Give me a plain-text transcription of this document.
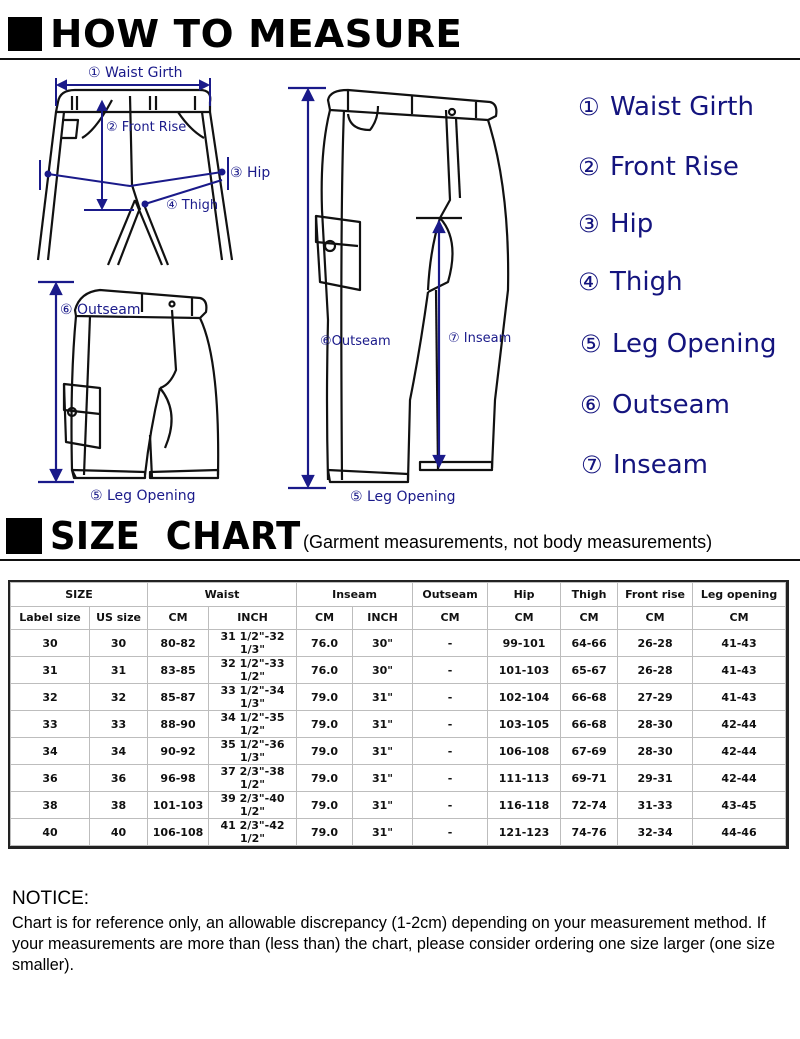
HOW TO MEASURE
① Waist Girth
② Front Rise
③ Hip
④ Thigh
⑥ Outseam
⑤ Leg Opening
⑥Outseam	⑦ Inseam
⑤ Leg Opening
① Waist Girth
② Front Rise
③ Hip
④ Thigh
⑤ Leg Opening
⑥ Outseam
⑦ Inseam
SIZE  CHART (Garment measurements, not body measurements)
SIZE		Waist		Inseam		Outseam	Hip	Thigh	Front rise	Leg opening
Label size	US size	CM	INCH	CM	INCH	CM	CM	CM	CM	CM
30	30	80-82	31 1/2"-32 1/3"	76.0	30"	-	99-101	64-66	26-28	41-43
31	31	83-85	32 1/2"-33 1/2"	76.0	30"	-	101-103	65-67	26-28	41-43
32	32	85-87	33 1/2"-34 1/3"	79.0	31"	-	102-104	66-68	27-29	41-43
33	33	88-90	34 1/2"-35 1/2"	79.0	31"	-	103-105	66-68	28-30	42-44
34	34	90-92	35 1/2"-36 1/3"	79.0	31"	-	106-108	67-69	28-30	42-44
36	36	96-98	37 2/3"-38 1/2"	79.0	31"	-	111-113	69-71	29-31	42-44
38	38	101-103	39 2/3"-40 1/2"	79.0	31"	-	116-118	72-74	31-33	43-45
40	40	106-108	41 2/3"-42 1/2"	79.0	31"	-	121-123	74-76	32-34	44-46
NOTICE:
Chart is for reference only, an allowable discrepancy (1-2cm) depending on your measurement method. If your measurements are more than (less than) the chart, please consider ordering one size larger (one size smaller).
